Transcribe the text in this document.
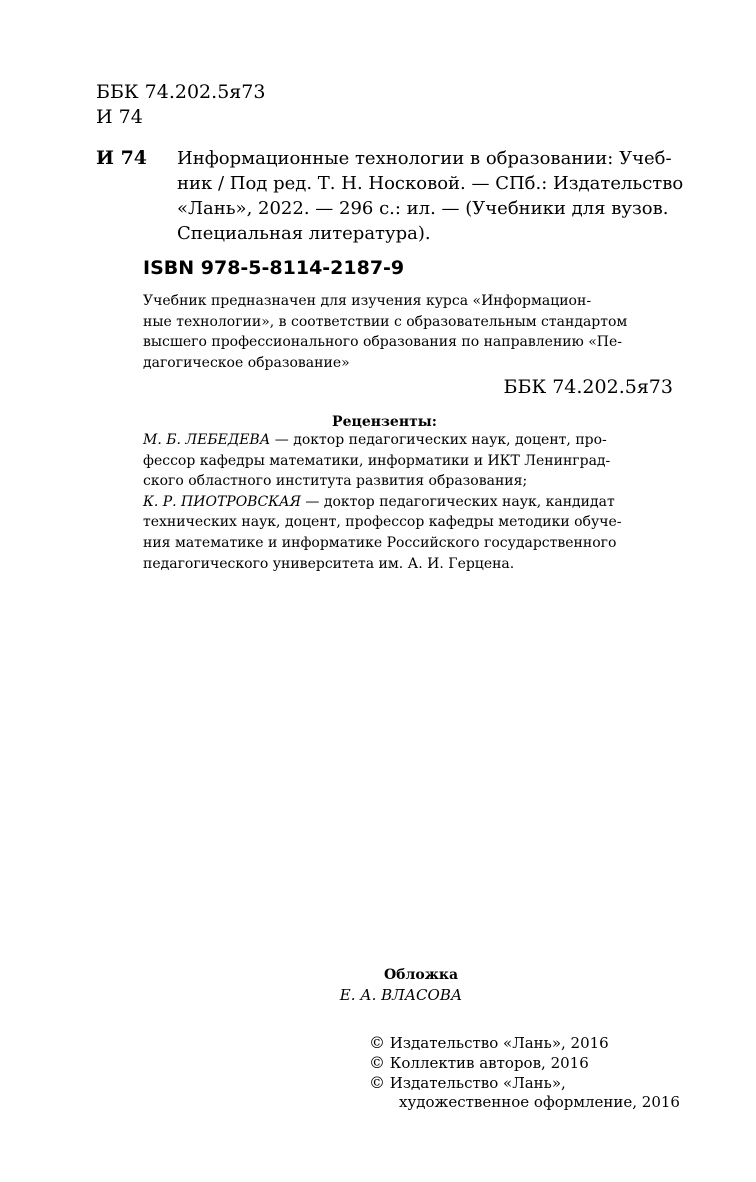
ББК 74.202.5я73
И 74
И 74 Информационные технологии в образовании: Учеб-
ник / Под ред. Т. Н. Носковой. — СПб.: Издательство
«Лань», 2022. — 296 с.: ил. — (Учебники для вузов.
Специальная литература).
ISBN 978-5-8114-2187-9
Учебник предназначен для изучения курса «Информацион-
ные технологии», в соответствии с образовательным стандартом
высшего профессионального образования по направлению «Пе-
дагогическое образование»
ББК 74.202.5я73
Рецензенты:
М. Б. ЛЕБЕДЕВА — доктор педагогических наук, доцент, про-
фессор кафедры математики, информатики и ИКТ Ленинград-
ского областного института развития образования;
К. Р. ПИОТРОВСКАЯ — доктор педагогических наук, кандидат
технических наук, доцент, профессор кафедры методики обуче-
ния математике и информатике Российского государственного
педагогического университета им. А. И. Герцена.
Обложка
Е. А. ВЛАСОВА
© Издательство «Лань», 2016
© Коллектив авторов, 2016
© Издательство «Лань»,
художественное оформление, 2016
